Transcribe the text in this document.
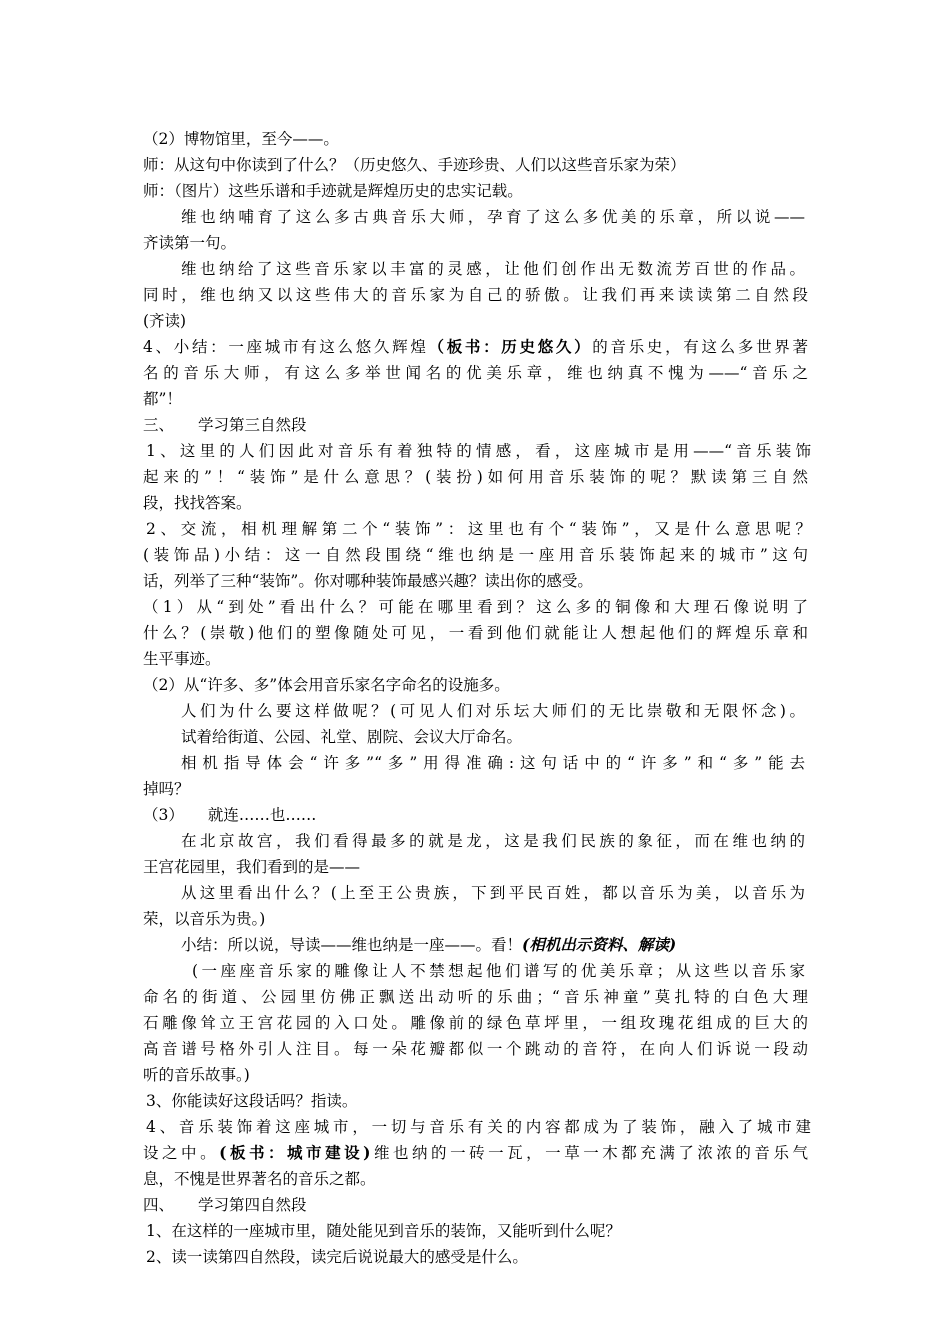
（2）博物馆里，至今——。
师：从这句中你读到了什么？（历史悠久、手迹珍贵、人们以这些音乐家为荣）
师：（图片）这些乐谱和手迹就是辉煌历史的忠实记载。
维也纳哺育了这么多古典音乐大师，孕育了这么多优美的乐章，所以说——
齐读第一句。
维也纳给了这些音乐家以丰富的灵感，让他们创作出无数流芳百世的作品。
同时，维也纳又以这些伟大的音乐家为自己的骄傲。让我们再来读读第二自然段
(齐读)
4、小结：一座城市有这么悠久辉煌（板书：历史悠久）的音乐史，有这么多世界著
名的音乐大师，有这么多举世闻名的优美乐章，维也纳真不愧为——“音乐之
都”！
三、 学习第三自然段
1、这里的人们因此对音乐有着独特的情感，看，这座城市是用——“音乐装饰
起来的”！“装饰”是什么意思？(装扮)如何用音乐装饰的呢？默读第三自然
段，找找答案。
2、交流，相机理解第二个“装饰”：这里也有个“装饰”，又是什么意思呢？
(装饰品)小结：这一自然段围绕“维也纳是一座用音乐装饰起来的城市”这句
话，列举了三种“装饰”。你对哪种装饰最感兴趣？读出你的感受。
（1）从“到处”看出什么？可能在哪里看到？这么多的铜像和大理石像说明了
什么？(崇敬)他们的塑像随处可见，一看到他们就能让人想起他们的辉煌乐章和
生平事迹。
（2）从“许多、多”体会用音乐家名字命名的设施多。
人们为什么要这样做呢？(可见人们对乐坛大师们的无比崇敬和无限怀念)。
试着给街道、公园、礼堂、剧院、会议大厅命名。
相机指导体会“许多”“多”用得准确:这句话中的“许多”和“多”能去
掉吗？
（3） 就连……也……
在北京故宫，我们看得最多的就是龙，这是我们民族的象征，而在维也纳的
王宫花园里，我们看到的是——
从这里看出什么？(上至王公贵族，下到平民百姓，都以音乐为美，以音乐为
荣，以音乐为贵。)
小结：所以说，导读——维也纳是一座——。看！(相机出示资料、解读)
(一座座音乐家的雕像让人不禁想起他们谱写的优美乐章；从这些以音乐家
命名的街道、公园里仿佛正飘送出动听的乐曲；“音乐神童”莫扎特的白色大理
石雕像耸立王宫花园的入口处。雕像前的绿色草坪里，一组玫瑰花组成的巨大的
高音谱号格外引人注目。每一朵花瓣都似一个跳动的音符，在向人们诉说一段动
听的音乐故事。)
3、你能读好这段话吗？指读。
4、音乐装饰着这座城市，一切与音乐有关的内容都成为了装饰，融入了城市建
设之中。(板书：城市建设)维也纳的一砖一瓦，一草一木都充满了浓浓的音乐气
息，不愧是世界著名的音乐之都。
四、 学习第四自然段
1、在这样的一座城市里，随处能见到音乐的装饰，又能听到什么呢？
2、读一读第四自然段，读完后说说最大的感受是什么。
